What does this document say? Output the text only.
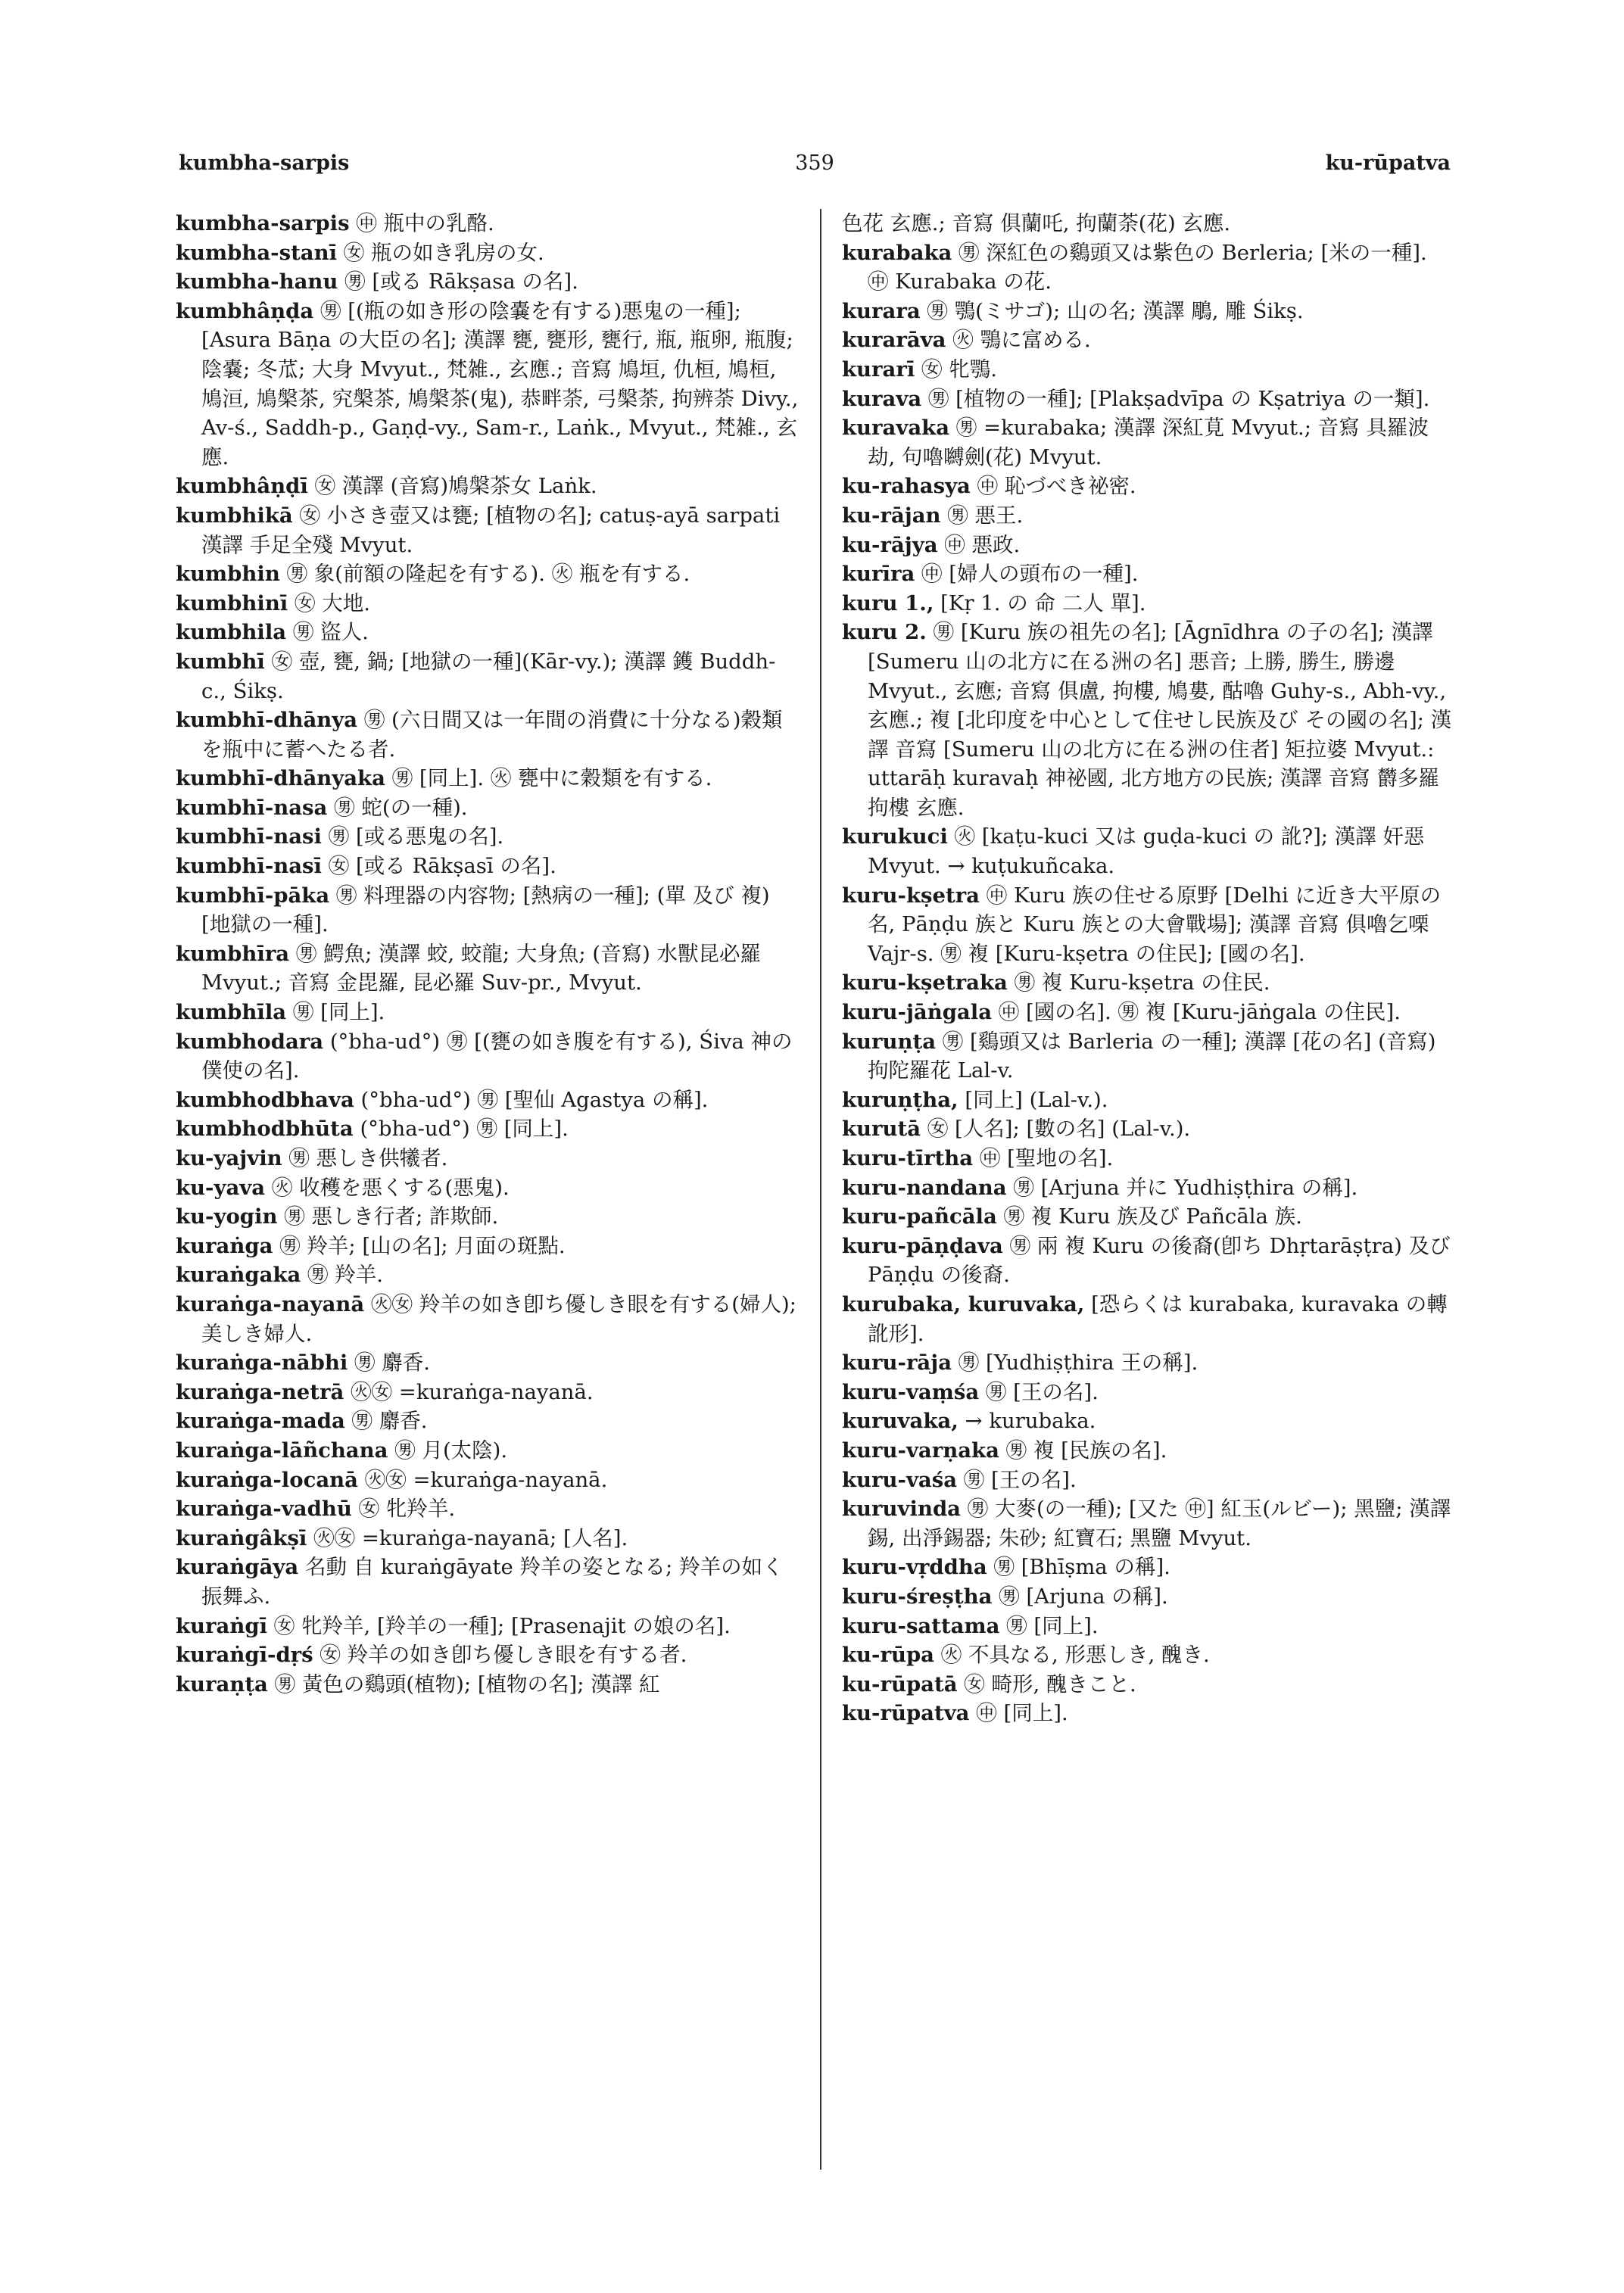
kumbha-sarpis	359	ku-rūpatva

kumbha-sarpis ㊥ 瓶中の乳酪.

kumbha-stanī ㊛ 瓶の如き乳房の女.

kumbha-hanu ㊚ [或る Rākṣasa の名].

kumbhâṇḍa ㊚ [(瓶の如き形の陰嚢を有する)悪鬼の一種]; [Asura Bāṇa の大臣の名]; 漢譯 甕, 甕形, 甕行, 瓶, 瓶卵, 瓶腹; 陰嚢; 冬苽; 大身 Mvyut., 梵雑., 玄應.; 音寫 鳩垣, 仇桓, 鳩桓, 鳩洹, 鳩槃茶, 究槃茶, 鳩槃茶(鬼), 恭畔荼, 弓槃荼, 拘辨荼 Divy., Av-ś., Saddh-p., Gaṇḍ-vy., Sam-r., Laṅk., Mvyut., 梵雑., 玄應.

kumbhâṇḍī ㊛ 漢譯 (音寫)鳩槃茶女 Laṅk.

kumbhikā ㊛ 小さき壺又は甕; [植物の名]; catuṣ-ayā sarpati 漢譯 手足全殘 Mvyut.

kumbhin ㊚ 象(前額の隆起を有する). ㊋ 瓶を有する.

kumbhinī ㊛ 大地.

kumbhila ㊚ 盜人.

kumbhī ㊛ 壺, 甕, 鍋; [地獄の一種](Kār-vy.); 漢譯 鑊 Buddh-c., Śikṣ.

kumbhī-dhānya ㊚ (六日間又は一年間の消費に十分なる)穀類を瓶中に蓄へたる者.

kumbhī-dhānyaka ㊚ [同上]. ㊋ 甕中に穀類を有する.

kumbhī-nasa ㊚ 蛇(の一種).

kumbhī-nasi ㊚ [或る悪鬼の名].

kumbhī-nasī ㊛ [或る Rākṣasī の名].

kumbhī-pāka ㊚ 料理器の内容物; [熱病の一種]; (單 及び 複) [地獄の一種].

kumbhīra ㊚ 鰐魚; 漢譯 蛟, 蛟龍; 大身魚; (音寫) 水獸昆必羅 Mvyut.; 音寫 金毘羅, 昆必羅 Suv-pr., Mvyut.

kumbhīla ㊚ [同上].

kumbhodara (°bha-ud°) ㊚ [(甕の如き腹を有する), Śiva 神の僕使の名].

kumbhodbhava (°bha-ud°) ㊚ [聖仙 Agastya の稱].

kumbhodbhūta (°bha-ud°) ㊚ [同上].

ku-yajvin ㊚ 悪しき供犧者.

ku-yava ㊋ 收穫を悪くする(悪鬼).

ku-yogin ㊚ 悪しき行者; 詐欺師.

kuraṅga ㊚ 羚羊; [山の名]; 月面の斑點.

kuraṅgaka ㊚ 羚羊.

kuraṅga-nayanā ㊋㊛ 羚羊の如き卽ち優しき眼を有する(婦人); 美しき婦人.

kuraṅga-nābhi ㊚ 麝香.

kuraṅga-netrā ㊋㊛ =kuraṅga-nayanā.

kuraṅga-mada ㊚ 麝香.

kuraṅga-lāñchana ㊚ 月(太陰).

kuraṅga-locanā ㊋㊛ =kuraṅga-nayanā.

kuraṅga-vadhū ㊛ 牝羚羊.

kuraṅgâkṣī ㊋㊛ =kuraṅga-nayanā; [人名].

kuraṅgāya 名動 自 kuraṅgāyate 羚羊の姿となる; 羚羊の如く振舞ふ.

kuraṅgī ㊛ 牝羚羊, [羚羊の一種]; [Prasenajit の娘の名].

kuraṅgī-dṛś ㊛ 羚羊の如き卽ち優しき眼を有する者.

kuraṇṭa ㊚ 黃色の鷄頭(植物); [植物の名]; 漢譯 紅

色花 玄應.; 音寫 俱蘭吒, 拘蘭荼(花) 玄應.

kurabaka ㊚ 深紅色の鷄頭又は紫色の Berleria; [米の一種]. ㊥ Kurabaka の花.

kurara ㊚ 鶚(ミサゴ); 山の名; 漢譯 鵰, 雕 Śikṣ.

kurarāva ㊋ 鶚に富める.

kurarī ㊛ 牝鶚.

kurava ㊚ [植物の一種]; [Plakṣadvīpa の Kṣatriya の一類].

kuravaka ㊚ =kurabaka; 漢譯 深紅莧 Mvyut.; 音寫 具羅波劫, 句嚕嚩劍(花) Mvyut.

ku-rahasya ㊥ 恥づべき祕密.

ku-rājan ㊚ 悪王.

ku-rājya ㊥ 悪政.

kurīra ㊥ [婦人の頭布の一種].

kuru 1., [Kṛ 1. の 命 二人 單].

kuru 2. ㊚ [Kuru 族の祖先の名]; [Āgnīdhra の子の名]; 漢譯 [Sumeru 山の北方に在る洲の名] 悪音; 上勝, 勝生, 勝邊 Mvyut., 玄應; 音寫 俱盧, 拘樓, 鳩婁, 酤嚕 Guhy-s., Abh-vy., 玄應.; 複 [北印度を中心として住せし民族及び その國の名]; 漢譯 音寫 [Sumeru 山の北方に在る洲の住者] 矩拉婆 Mvyut.: uttarāḥ kuravaḥ 神祕國, 北方地方の民族; 漢譯 音寫 欝多羅拘樓 玄應.

kurukuci ㊋ [kaṭu-kuci 又は guḍa-kuci の 訛?]; 漢譯 奸惡 Mvyut. → kuṭukuñcaka.

kuru-kṣetra ㊥ Kuru 族の住せる原野 [Delhi に近き大平原の名, Pāṇḍu 族と Kuru 族との大會戰場]; 漢譯 音寫 俱嚕乞㗚 Vajr-s. ㊚ 複 [Kuru-kṣetra の住民]; [國の名].

kuru-kṣetraka ㊚ 複 Kuru-kṣetra の住民.

kuru-jāṅgala ㊥ [國の名]. ㊚ 複 [Kuru-jāṅgala の住民].

kuruṇṭa ㊚ [鷄頭又は Barleria の一種]; 漢譯 [花の名] (音寫)拘陀羅花 Lal-v.

kuruṇṭha, [同上] (Lal-v.).

kurutā ㊛ [人名]; [數の名] (Lal-v.).

kuru-tīrtha ㊥ [聖地の名].

kuru-nandana ㊚ [Arjuna 并に Yudhiṣṭhira の稱].

kuru-pañcāla ㊚ 複 Kuru 族及び Pañcāla 族.

kuru-pāṇḍava ㊚ 兩 複 Kuru の後裔(卽ち Dhṛtarāṣṭra) 及び Pāṇḍu の後裔.

kurubaka, kuruvaka, [恐らくは kurabaka, kuravaka の轉訛形].

kuru-rāja ㊚ [Yudhiṣṭhira 王の稱].

kuru-vaṃśa ㊚ [王の名].

kuruvaka, → kurubaka.

kuru-varṇaka ㊚ 複 [民族の名].

kuru-vaśa ㊚ [王の名].

kuruvinda ㊚ 大麥(の一種); [又た ㊥] 紅玉(ルビー); 黑鹽; 漢譯 錫, 出淨錫器; 朱砂; 紅寶石; 黑鹽 Mvyut.

kuru-vṛddha ㊚ [Bhīṣma の稱].

kuru-śreṣṭha ㊚ [Arjuna の稱].

kuru-sattama ㊚ [同上].

ku-rūpa ㊋ 不具なる, 形悪しき, 醜き.

ku-rūpatā ㊛ 畸形, 醜きこと.

ku-rūpatva ㊥ [同上].
